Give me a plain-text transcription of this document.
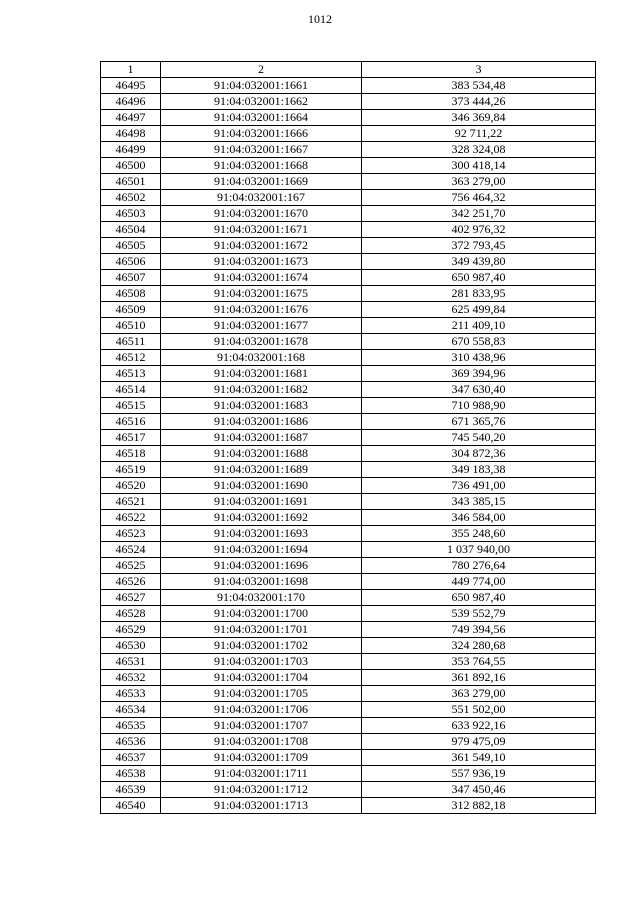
1012
1	2	3
46495	91:04:032001:1661	383 534,48
46496	91:04:032001:1662	373 444,26
46497	91:04:032001:1664	346 369,84
46498	91:04:032001:1666	92 711,22
46499	91:04:032001:1667	328 324,08
46500	91:04:032001:1668	300 418,14
46501	91:04:032001:1669	363 279,00
46502	91:04:032001:167	756 464,32
46503	91:04:032001:1670	342 251,70
46504	91:04:032001:1671	402 976,32
46505	91:04:032001:1672	372 793,45
46506	91:04:032001:1673	349 439,80
46507	91:04:032001:1674	650 987,40
46508	91:04:032001:1675	281 833,95
46509	91:04:032001:1676	625 499,84
46510	91:04:032001:1677	211 409,10
46511	91:04:032001:1678	670 558,83
46512	91:04:032001:168	310 438,96
46513	91:04:032001:1681	369 394,96
46514	91:04:032001:1682	347 630,40
46515	91:04:032001:1683	710 988,90
46516	91:04:032001:1686	671 365,76
46517	91:04:032001:1687	745 540,20
46518	91:04:032001:1688	304 872,36
46519	91:04:032001:1689	349 183,38
46520	91:04:032001:1690	736 491,00
46521	91:04:032001:1691	343 385,15
46522	91:04:032001:1692	346 584,00
46523	91:04:032001:1693	355 248,60
46524	91:04:032001:1694	1 037 940,00
46525	91:04:032001:1696	780 276,64
46526	91:04:032001:1698	449 774,00
46527	91:04:032001:170	650 987,40
46528	91:04:032001:1700	539 552,79
46529	91:04:032001:1701	749 394,56
46530	91:04:032001:1702	324 280,68
46531	91:04:032001:1703	353 764,55
46532	91:04:032001:1704	361 892,16
46533	91:04:032001:1705	363 279,00
46534	91:04:032001:1706	551 502,00
46535	91:04:032001:1707	633 922,16
46536	91:04:032001:1708	979 475,09
46537	91:04:032001:1709	361 549,10
46538	91:04:032001:1711	557 936,19
46539	91:04:032001:1712	347 450,46
46540	91:04:032001:1713	312 882,18
